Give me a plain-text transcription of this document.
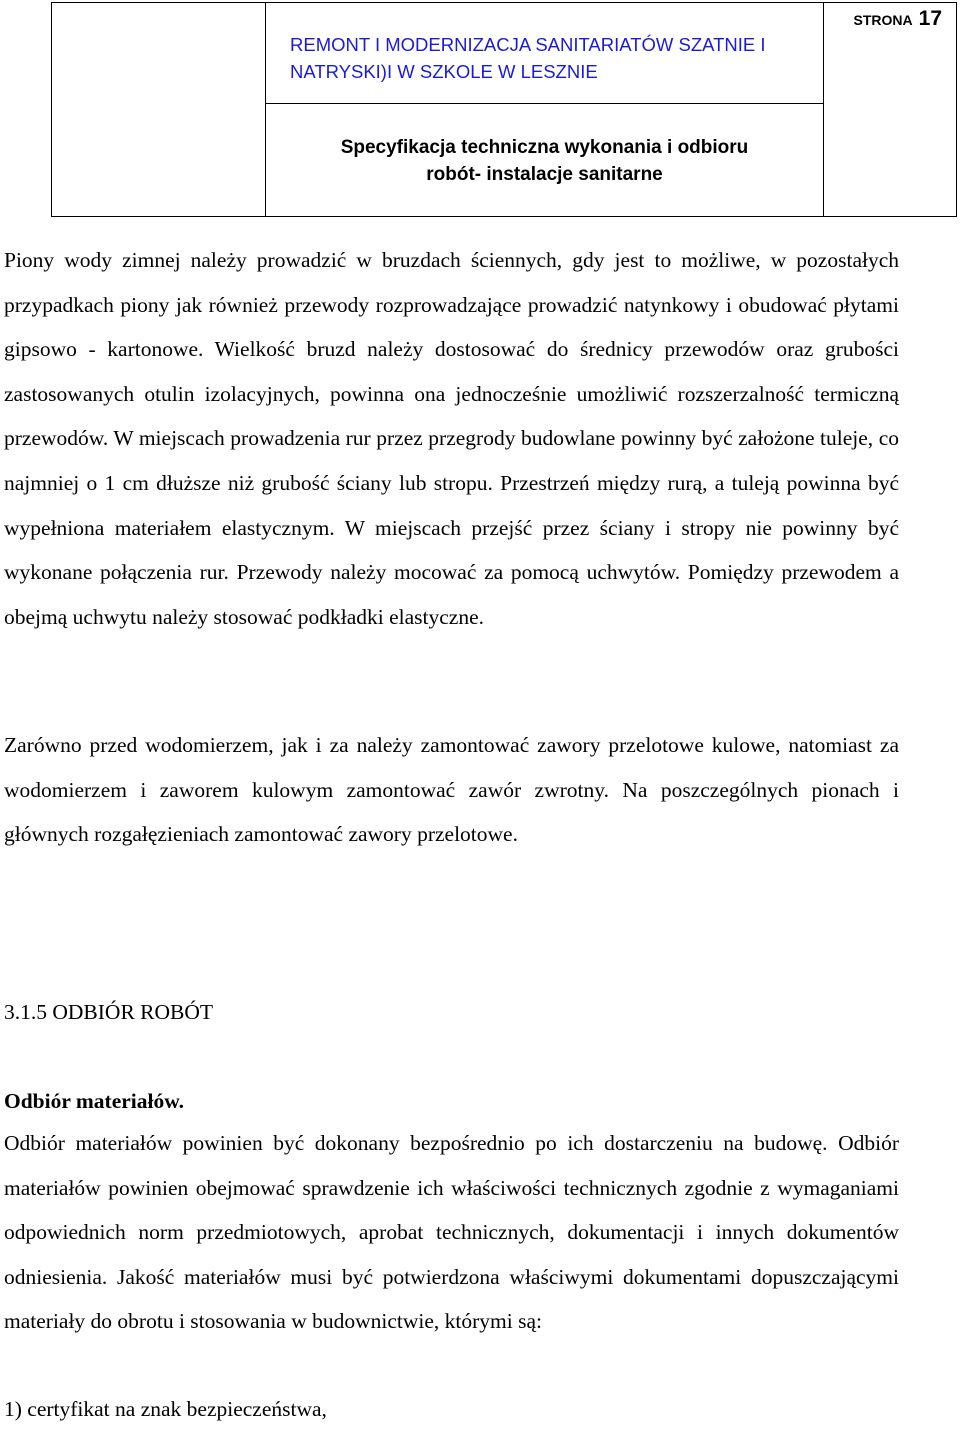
REMONT I MODERNIZACJA SANITARIATÓW SZATNIE I
NATRYSKI)I W SZKOLE W LESZNIE

STRONA 17

Specyfikacja techniczna wykonania i odbioru
robót- instalacje sanitarne
Piony wody zimnej należy prowadzić w bruzdach ściennych, gdy jest to możliwe, w pozostałych przypadkach piony jak również przewody rozprowadzające prowadzić natynkowy i obudować płytami gipsowo - kartonowe. Wielkość bruzd należy dostosować do średnicy przewodów oraz grubości zastosowanych otulin izolacyjnych, powinna ona jednocześnie umożliwić rozszerzalność termiczną przewodów. W miejscach prowadzenia rur przez przegrody budowlane powinny być założone tuleje, co najmniej o 1 cm dłuższe niż grubość ściany lub stropu. Przestrzeń między rurą, a tuleją powinna być wypełniona materiałem elastycznym. W miejscach przejść przez ściany i stropy nie powinny być wykonane połączenia rur. Przewody należy mocować za pomocą uchwytów. Pomiędzy przewodem a obejmą uchwytu należy stosować podkładki elastyczne.
Zarówno przed wodomierzem, jak i za należy zamontować zawory przelotowe kulowe, natomiast za wodomierzem i zaworem kulowym zamontować zawór zwrotny. Na poszczególnych pionach i głównych rozgałęzieniach zamontować zawory przelotowe.
3.1.5 ODBIÓR ROBÓT
Odbiór materiałów.
Odbiór materiałów powinien być dokonany bezpośrednio po ich dostarczeniu na budowę. Odbiór materiałów powinien obejmować sprawdzenie ich właściwości technicznych zgodnie z wymaganiami odpowiednich norm przedmiotowych, aprobat technicznych, dokumentacji i innych dokumentów odniesienia. Jakość materiałów musi być potwierdzona właściwymi dokumentami dopuszczającymi materiały do obrotu i stosowania w budownictwie, którymi są:
1) certyfikat na znak bezpieczeństwa,
